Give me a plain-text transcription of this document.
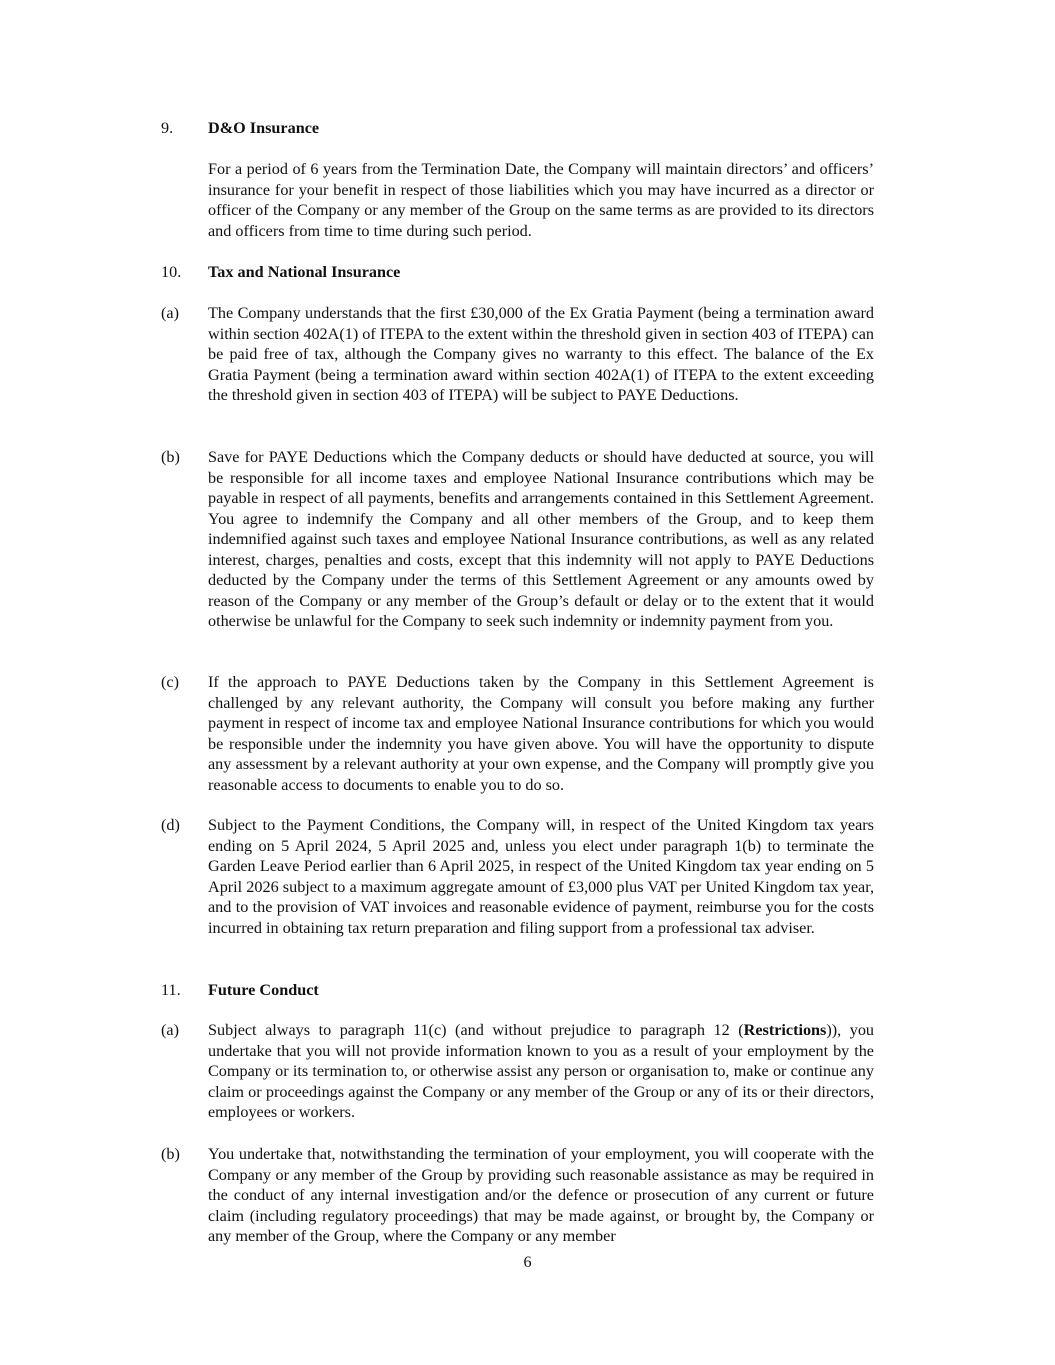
9. D&O Insurance
For a period of 6 years from the Termination Date, the Company will maintain directors’ and officers’ insurance for your benefit in respect of those liabilities which you may have incurred as a director or officer of the Company or any member of the Group on the same terms as are provided to its directors and officers from time to time during such period.
10. Tax and National Insurance
(a) The Company understands that the first £30,000 of the Ex Gratia Payment (being a termination award within section 402A(1) of ITEPA to the extent within the threshold given in section 403 of ITEPA) can be paid free of tax, although the Company gives no warranty to this effect. The balance of the Ex Gratia Payment (being a termination award within section 402A(1) of ITEPA to the extent exceeding the threshold given in section 403 of ITEPA) will be subject to PAYE Deductions.
(b) Save for PAYE Deductions which the Company deducts or should have deducted at source, you will be responsible for all income taxes and employee National Insurance contributions which may be payable in respect of all payments, benefits and arrangements contained in this Settlement Agreement. You agree to indemnify the Company and all other members of the Group, and to keep them indemnified against such taxes and employee National Insurance contributions, as well as any related interest, charges, penalties and costs, except that this indemnity will not apply to PAYE Deductions deducted by the Company under the terms of this Settlement Agreement or any amounts owed by reason of the Company or any member of the Group’s default or delay or to the extent that it would otherwise be unlawful for the Company to seek such indemnity or indemnity payment from you.
(c) If the approach to PAYE Deductions taken by the Company in this Settlement Agreement is challenged by any relevant authority, the Company will consult you before making any further payment in respect of income tax and employee National Insurance contributions for which you would be responsible under the indemnity you have given above. You will have the opportunity to dispute any assessment by a relevant authority at your own expense, and the Company will promptly give you reasonable access to documents to enable you to do so.
(d) Subject to the Payment Conditions, the Company will, in respect of the United Kingdom tax years ending on 5 April 2024, 5 April 2025 and, unless you elect under paragraph 1(b) to terminate the Garden Leave Period earlier than 6 April 2025, in respect of the United Kingdom tax year ending on 5 April 2026 subject to a maximum aggregate amount of £3,000 plus VAT per United Kingdom tax year, and to the provision of VAT invoices and reasonable evidence of payment, reimburse you for the costs incurred in obtaining tax return preparation and filing support from a professional tax adviser.
11. Future Conduct
(a) Subject always to paragraph 11(c) (and without prejudice to paragraph 12 (Restrictions)), you undertake that you will not provide information known to you as a result of your employment by the Company or its termination to, or otherwise assist any person or organisation to, make or continue any claim or proceedings against the Company or any member of the Group or any of its or their directors, employees or workers.
(b) You undertake that, notwithstanding the termination of your employment, you will cooperate with the Company or any member of the Group by providing such reasonable assistance as may be required in the conduct of any internal investigation and/or the defence or prosecution of any current or future claim (including regulatory proceedings) that may be made against, or brought by, the Company or any member of the Group, where the Company or any member
6
